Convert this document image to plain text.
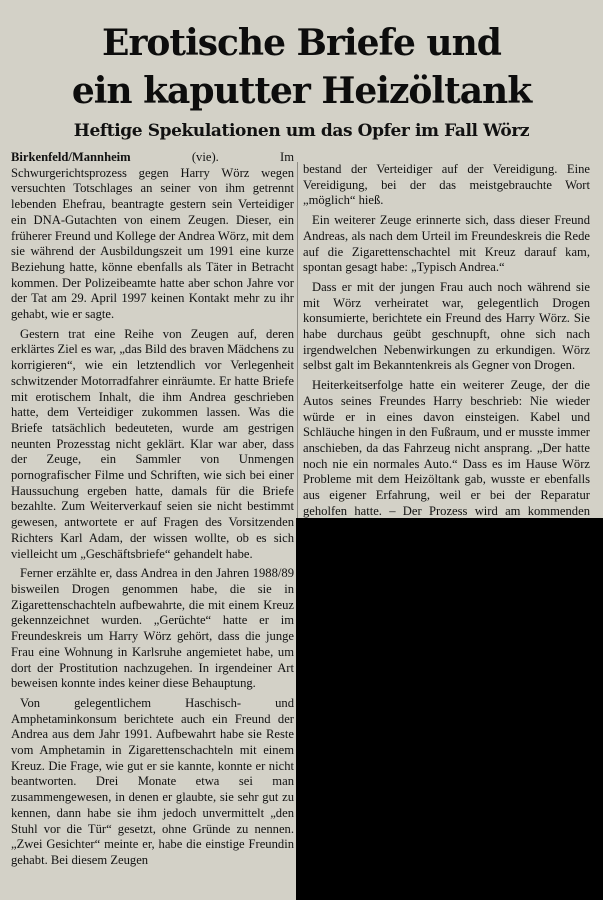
Erotische Briefe und
ein kaputter Heizöltank
Heftige Spekulationen um das Opfer im Fall Wörz

Birkenfeld/Mannheim (vie). Im Schwurgerichtsprozess gegen Harry Wörz wegen versuchten Totschlages an seiner von ihm getrennt lebenden Ehefrau, beantragte gestern sein Verteidiger ein DNA-Gutachten von einem Zeugen. Dieser, ein früherer Freund und Kollege der Andrea Wörz, mit dem sie während der Ausbildungszeit um 1991 eine kurze Beziehung hatte, könne ebenfalls als Täter in Betracht kommen. Der Polizeibeamte hatte aber schon Jahre vor der Tat am 29. April 1997 keinen Kontakt mehr zu ihr gehabt, wie er sagte.

Gestern trat eine Reihe von Zeugen auf, deren erklärtes Ziel es war, „das Bild des braven Mädchens zu korrigieren“, wie ein letztendlich vor Verlegenheit schwitzender Motorradfahrer einräumte. Er hatte Briefe mit erotischem Inhalt, die ihm Andrea geschrieben hatte, dem Verteidiger zukommen lassen. Was die Briefe tatsächlich bedeuteten, wurde am gestrigen neunten Prozesstag nicht geklärt. Klar war aber, dass der Zeuge, ein Sammler von Unmengen pornografischer Filme und Schriften, wie sich bei einer Haussuchung ergeben hatte, damals für die Briefe bezahlte. Zum Weiterverkauf seien sie nicht bestimmt gewesen, antwortete er auf Fragen des Vorsitzenden Richters Karl Adam, der wissen wollte, ob es sich vielleicht um „Geschäftsbriefe“ gehandelt habe.

Ferner erzählte er, dass Andrea in den Jahren 1988/89 bisweilen Drogen genommen habe, die sie in Zigarettenschachteln aufbewahrte, die mit einem Kreuz gekennzeichnet wurden. „Gerüchte“ hatte er im Freundeskreis um Harry Wörz gehört, dass die junge Frau eine Wohnung in Karlsruhe angemietet habe, um dort der Prostitution nachzugehen. In irgendeiner Art beweisen konnte indes keiner diese Behauptung.

Von gelegentlichem Haschisch- und Amphetaminkonsum berichtete auch ein Freund der Andrea aus dem Jahr 1991. Aufbewahrt habe sie Reste vom Amphetamin in Zigarettenschachteln mit einem Kreuz. Die Frage, wie gut er sie kannte, konnte er nicht beantworten. Drei Monate etwa sei man zusammengewesen, in denen er glaubte, sie sehr gut zu kennen, dann habe sie ihm jedoch unvermittelt „den Stuhl vor die Tür“ gesetzt, ohne Gründe zu nennen. „Zwei Gesichter“ meinte er, habe die einstige Freundin gehabt. Bei diesem Zeugen

bestand der Verteidiger auf der Vereidigung. Eine Vereidigung, bei der das meistgebrauchte Wort „möglich“ hieß.

Ein weiterer Zeuge erinnerte sich, dass dieser Freund Andreas, als nach dem Urteil im Freundeskreis die Rede auf die Zigarettenschachtel mit Kreuz darauf kam, spontan gesagt habe: „Typisch Andrea.“

Dass er mit der jungen Frau auch noch während sie mit Wörz verheiratet war, gelegentlich Drogen konsumierte, berichtete ein Freund des Harry Wörz. Sie habe durchaus geübt geschnupft, ohne sich nach irgendwelchen Nebenwirkungen zu erkundigen. Wörz selbst galt im Bekanntenkreis als Gegner von Drogen.

Heiterkeitserfolge hatte ein weiterer Zeuge, der die Autos seines Freundes Harry beschrieb: Nie wieder würde er in eines davon einsteigen. Kabel und Schläuche hingen in den Fußraum, und er musste immer anschieben, da das Fahrzeug nicht ansprang. „Der hatte noch nie ein normales Auto.“ Dass es im Hause Wörz Probleme mit dem Heizöltank gab, wusste er ebenfalls aus eigener Erfahrung, weil er bei der Reparatur geholfen hatte. – Der Prozess wird am kommenden
